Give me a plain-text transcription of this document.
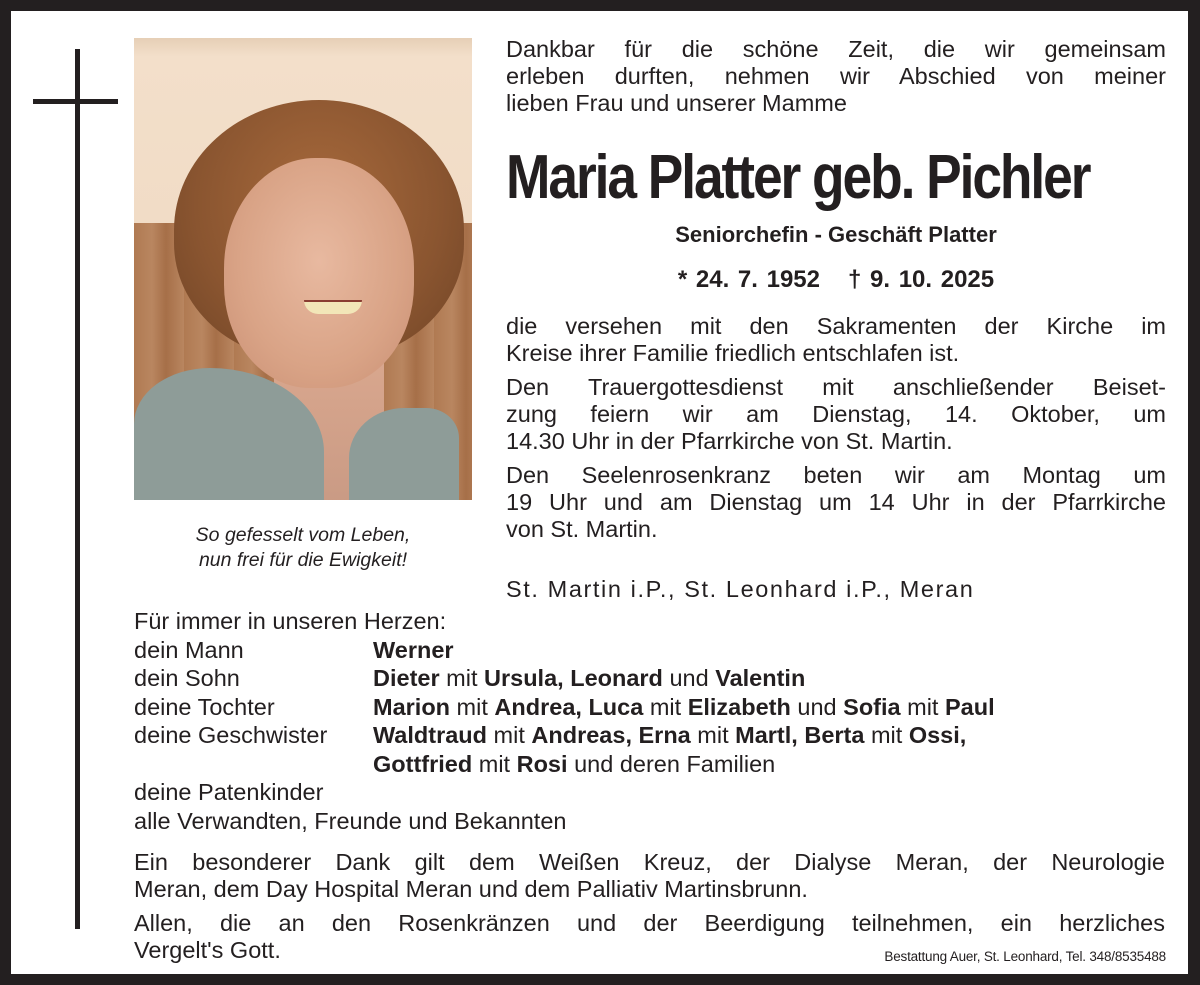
So gefesselt vom Leben,
nun frei für die Ewigkeit!
Dankbar für die schöne Zeit, die wir gemeinsam
erleben durften, nehmen wir Abschied von meiner
lieben Frau und unserer Mamme
Maria Platter geb. Pichler
Seniorchefin - Geschäft Platter
* 24. 7. 1952 † 9. 10. 2025
die versehen mit den Sakramenten der Kirche im
Kreise ihrer Familie friedlich entschlafen ist.
Den Trauergottesdienst mit anschließender Beiset-
zung feiern wir am Dienstag, 14. Oktober, um
14.30 Uhr in der Pfarrkirche von St. Martin.
Den Seelenrosenkranz beten wir am Montag um
19 Uhr und am Dienstag um 14 Uhr in der Pfarrkirche
von St. Martin.
St. Martin i.P., St. Leonhard i.P., Meran
Für immer in unseren Herzen:
dein Mann	Werner
dein Sohn	Dieter mit Ursula, Leonard und Valentin
deine Tochter	Marion mit Andrea, Luca mit Elizabeth und Sofia mit Paul
deine Geschwister	Waldtraud mit Andreas, Erna mit Martl, Berta mit Ossi,
Gottfried mit Rosi und deren Familien
deine Patenkinder
alle Verwandten, Freunde und Bekannten
Ein besonderer Dank gilt dem Weißen Kreuz, der Dialyse Meran, der Neurologie
Meran, dem Day Hospital Meran und dem Palliativ Martinsbrunn.
Allen, die an den Rosenkränzen und der Beerdigung teilnehmen, ein herzliches
Vergelt's Gott.	Bestattung Auer, St. Leonhard, Tel. 348/8535488
